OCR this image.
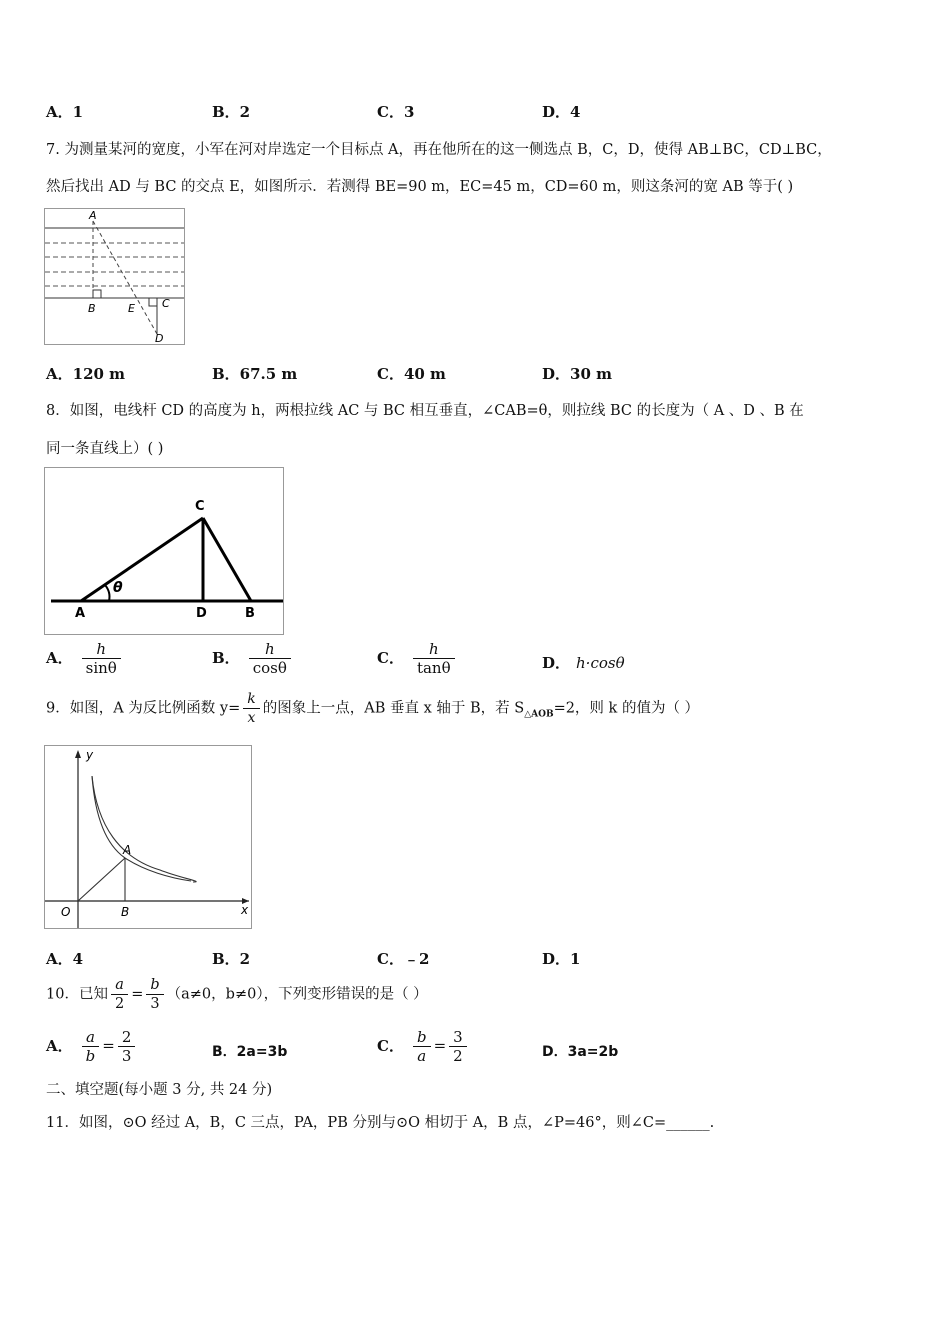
A．1	B．2	C．3	D．4
7. 为测量某河的宽度，小军在河对岸选定一个目标点 A，再在他所在的这一侧选点 B，C，D，使得 AB⊥BC，CD⊥BC，
然后找出 AD 与 BC 的交点 E，如图所示．若测得 BE=90 m，EC=45 m，CD=60 m，则这条河的宽 AB 等于( )
A
B	E C
D
A．120 m	B．67.5 m	C．40 m	D．30 m
8．如图，电线杆 CD 的高度为 h，两根拉线 AC 与 BC 相互垂直，∠CAB=θ，则拉线 BC 的长度为（ A 、D 、B 在
同一条直线上）( )
θ
C
A	D	B
A． $\frac{h}{\sin\theta}$	B． $\frac{h}{\cos\theta}$	C． $\frac{h}{\tan\theta}$	D． h·cosθ
9．如图，A 为反比例函数 $y= \frac{k}{x}$ 的图象上一点，AB 垂直 x 轴于 B，若 $S_{\triangle AOB}=2$，则 k 的值为（ ）
y
x
O
A
B
A．4	B．2	C．﹣2	D．1
10．已知 $\frac{a}{2} = \frac{b}{3} (a\ne 0$，b≠0），下列变形错误的是（ ）
A． $\frac{a}{b} = \frac{2}{3}$	B．2a=3b	C． $\frac{b}{a} = \frac{3}{2}$	D．3a=2b
二、填空题(每小题 3 分, 共 24 分)
11．如图，⊙O 经过 A，B，C 三点，PA，PB 分别与⊙O 相切于 A，B 点，∠P=46°，则∠C=______.
